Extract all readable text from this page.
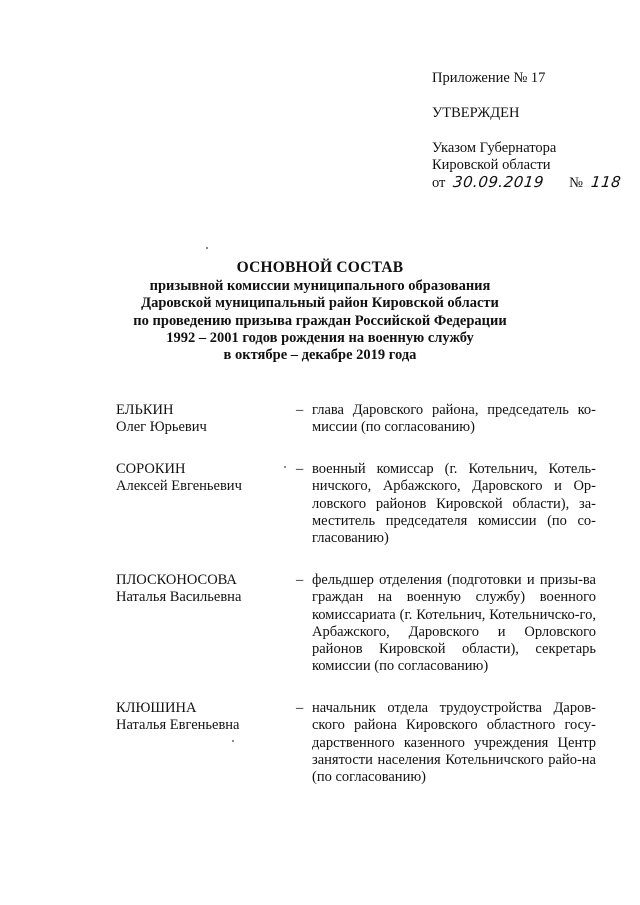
Приложение № 17
УТВЕРЖДЕН
Указом Губернатора
Кировской области
от 30.09.2019 № 118
ОСНОВНОЙ СОСТАВ
призывной комиссии муниципального образования
Даровской муниципальный район Кировской области
по проведению призыва граждан Российской Федерации
1992 – 2001 годов рождения на военную службу
в октябре – декабре 2019 года
ЕЛЬКИН
Олег Юрьевич
– глава Даровского района, председатель ко-миссии (по согласованию)
СОРОКИН
Алексей Евгеньевич
– военный комиссар (г. Котельнич, Котель-ничского, Арбажского, Даровского и Ор-ловского районов Кировской области), за-меститель председателя комиссии (по со-гласованию)
ПЛОСКОНОСОВА
Наталья Васильевна
– фельдшер отделения (подготовки и призы-ва граждан на военную службу) военного комиссариата (г. Котельнич, Котельничско-го, Арбажского, Даровского и Орловского районов Кировской области), секретарь комиссии (по согласованию)
КЛЮШИНА
Наталья Евгеньевна
– начальник отдела трудоустройства Даров-ского района Кировского областного госу-дарственного казенного учреждения Центр занятости населения Котельничского райо-на (по согласованию)
